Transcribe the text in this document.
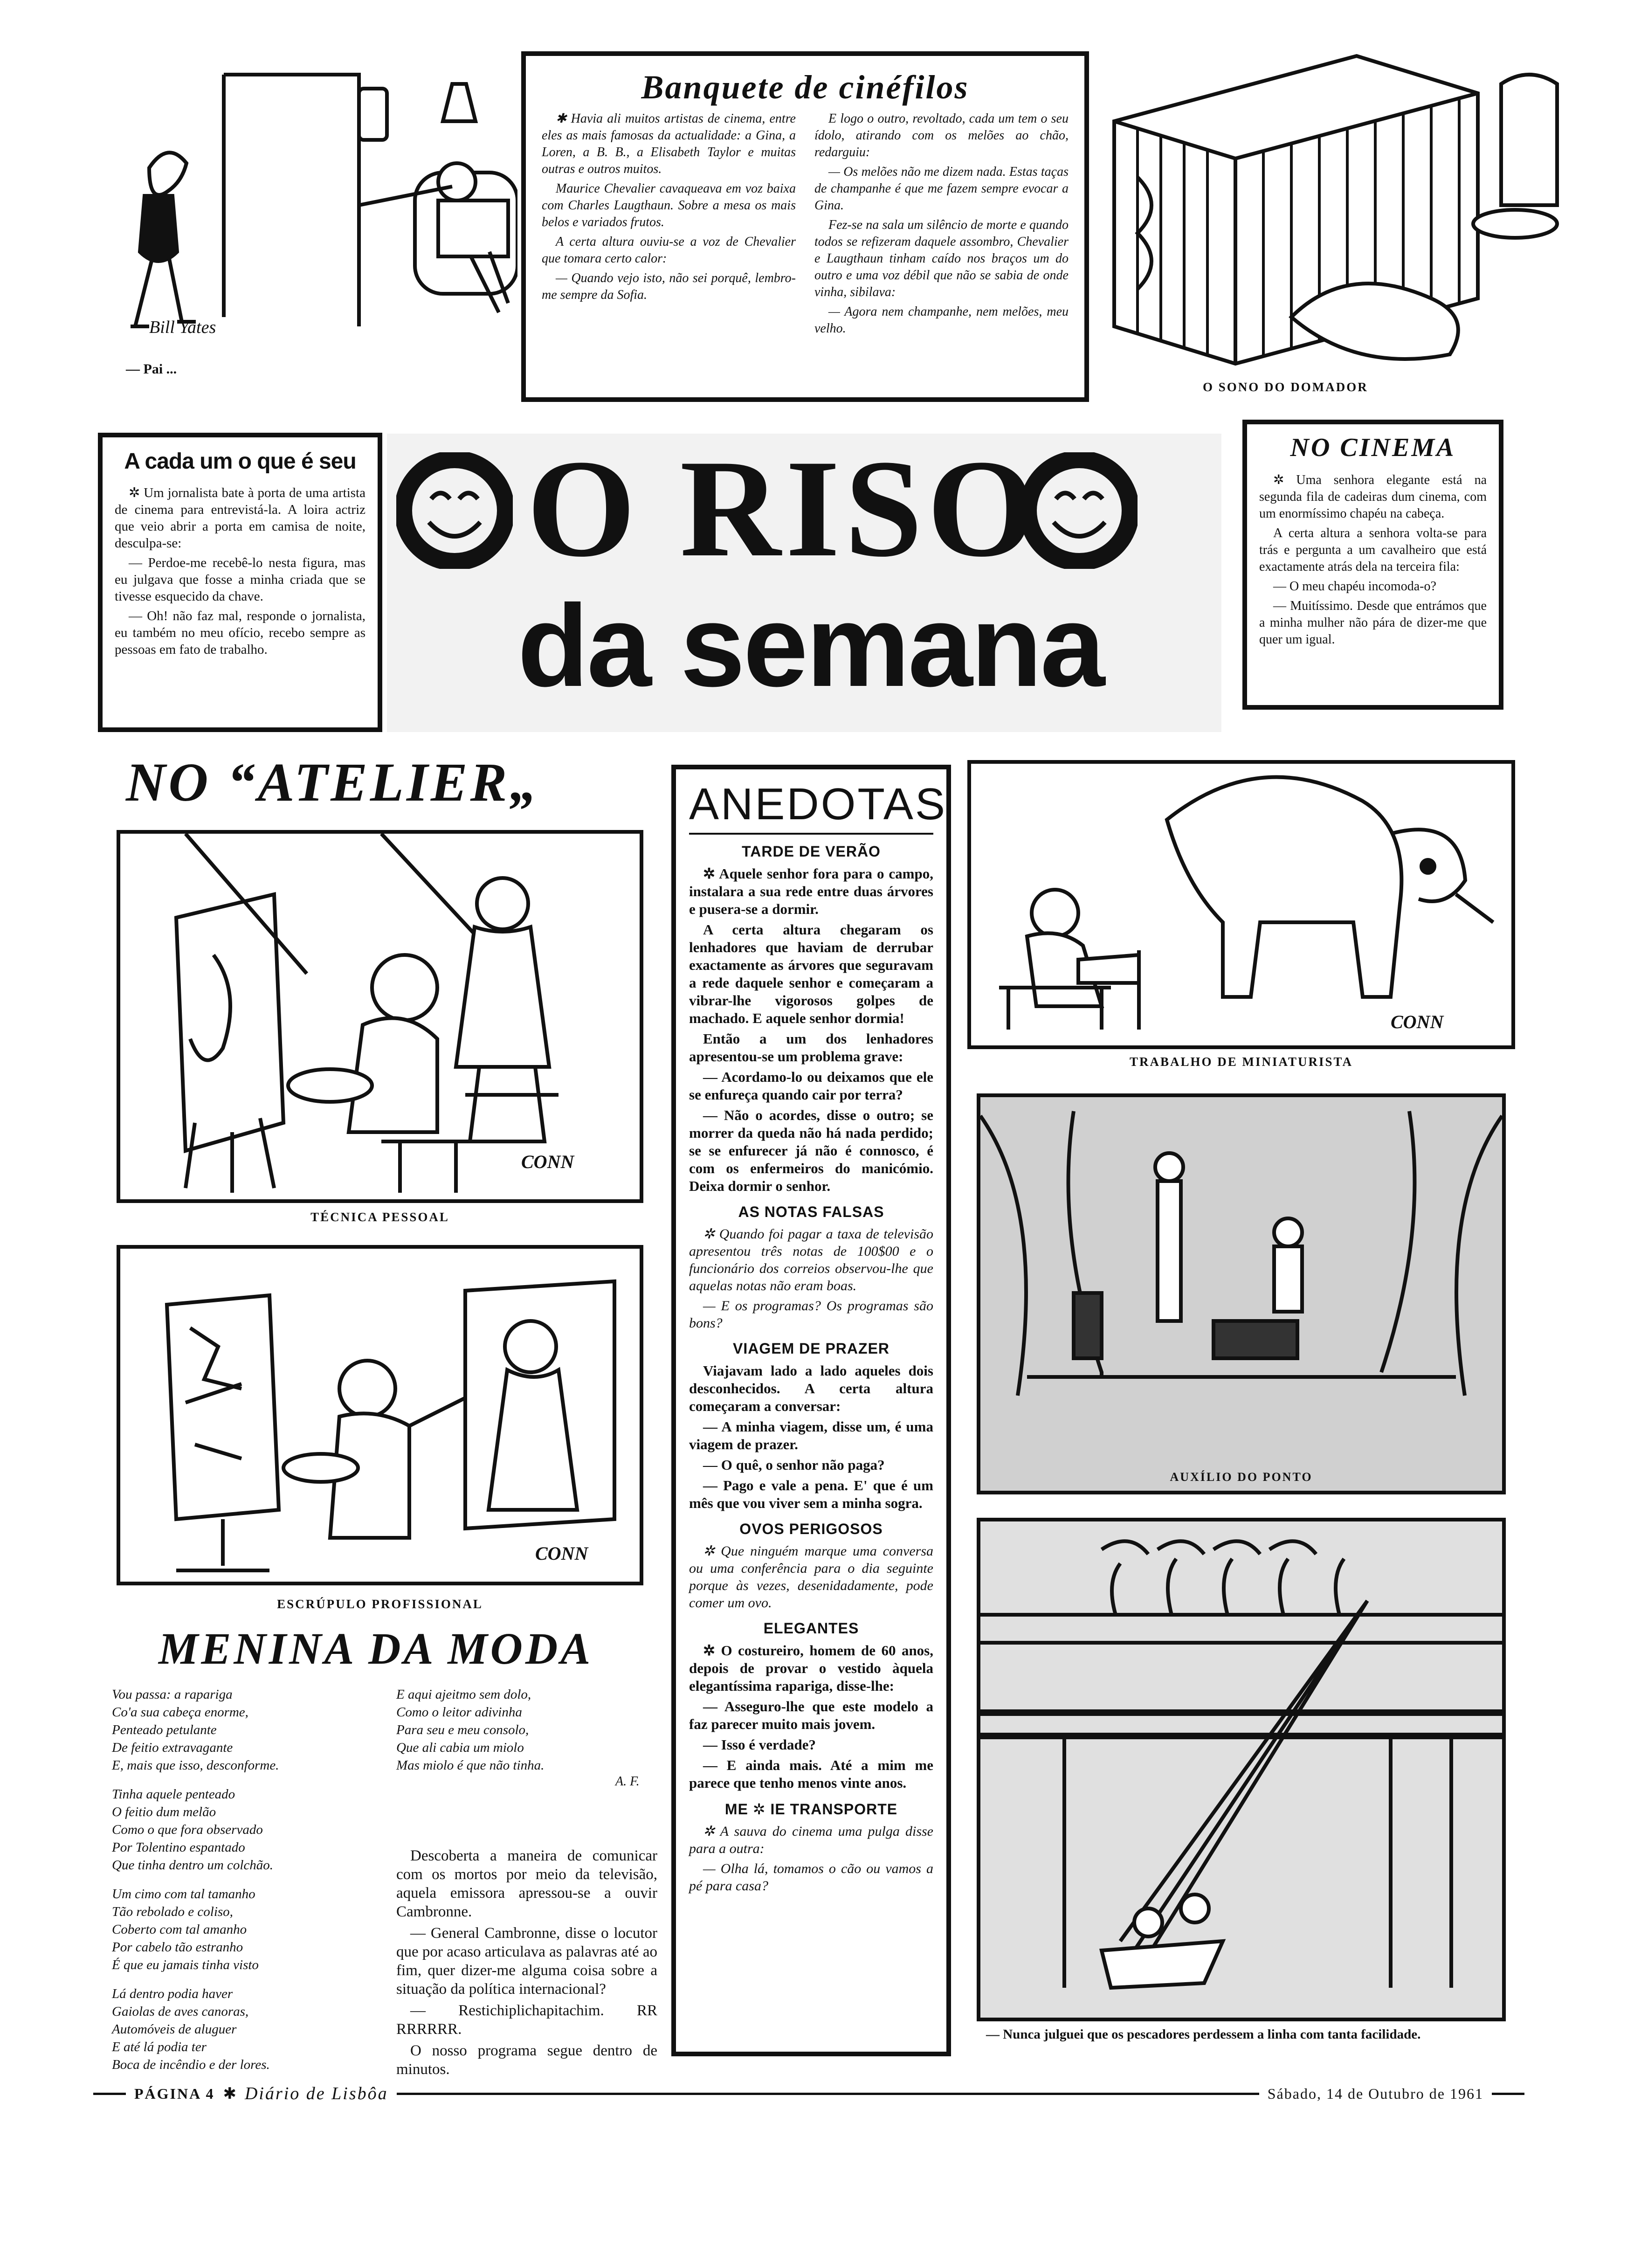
Bill Yates
— Pai ...
Banquete de cinéfilos

✱ Havia ali muitos artistas de cinema, entre eles as mais famosas da actualidade: a Gina, a Loren, a B. B., a Elisabeth Taylor e muitas outras e outros muitos.

Maurice Chevalier cavaqueava em voz baixa com Charles Laugthaun. Sobre a mesa os mais belos e variados frutos.

A certa altura ouviu-se a voz de Chevalier que tomara certo calor:

— Quando vejo isto, não sei porquê, lembro-me sempre da Sofia.

E logo o outro, revoltado, cada um tem o seu ídolo, atirando com os melões ao chão, redarguiu:

— Os melões não me dizem nada. Estas taças de champanhe é que me fazem sempre evocar a Gina.

Fez-se na sala um silêncio de morte e quando todos se refizeram daquele assombro, Chevalier e Laugthaun tinham caído nos braços um do outro e uma voz débil que não se sabia de onde vinha, sibilava:

— Agora nem champanhe, nem melões, meu velho.

O SONO DO DOMADOR
A cada um o que é seu

✲ Um jornalista bate à porta de uma artista de cinema para entrevistá-la. A loira actriz que veio abrir a porta em camisa de noite, desculpa-se:

— Perdoe-me recebê-lo nesta figura, mas eu julgava que fosse a minha criada que se tivesse esquecido da chave.

— Oh! não faz mal, responde o jornalista, eu também no meu ofício, recebo sempre as pessoas em fato de trabalho.

O RISO
da semana
NO CINEMA

✲ Uma senhora elegante está na segunda fila de cadeiras dum cinema, com um enormíssimo chapéu na cabeça.

A certa altura a senhora volta-se para trás e pergunta a um cavalheiro que está exactamente atrás dela na terceira fila:

— O meu chapéu incomoda-o?

— Muitíssimo. Desde que entrámos que a minha mulher não pára de dizer-me que quer um igual.

NO “ATELIER„
CONN
TÉCNICA PESSOAL
CONN
ESCRÚPULO PROFISSIONAL
MENINA DA MODA

Vou passa: a rapariga
Co'a sua cabeça enorme,
Penteado petulante
De feitio extravagante
E, mais que isso, desconforme.

Tinha aquele penteado
O feitio dum melão
Como o que fora observado
Por Tolentino espantado
Que tinha dentro um colchão.

Um cimo com tal tamanho
Tão rebolado e coliso,
Coberto com tal amanho
Por cabelo tão estranho
É que eu jamais tinha visto

Lá dentro podia haver
Gaiolas de aves canoras,
Automóveis de aluguer
E até lá podia ter
Boca de incêndio e der lores.

E aqui ajeitmo sem dolo,
Como o leitor adivinha
Para seu e meu consolo,
Que ali cabia um miolo
Mas miolo é que não tinha.

A. F.

Descoberta a maneira de comunicar com os mortos por meio da televisão, aquela emissora apressou-se a ouvir Cambronne.

— General Cambronne, disse o locutor que por acaso articulava as palavras até ao fim, quer dizer-me alguma coisa sobre a situação da política internacional?

— Restichiplichapitachim. RR RRRRRR.

O nosso programa segue dentro de minutos.

ANEDOTAS
TARDE DE VERÃO

✲ Aquele senhor fora para o campo, instalara a sua rede entre duas árvores e pusera-se a dormir.

A certa altura chegaram os lenhadores que haviam de derrubar exactamente as árvores que seguravam a rede daquele senhor e começaram a vibrar-lhe vigorosos golpes de machado. E aquele senhor dormia!

Então a um dos lenhadores apresentou-se um problema grave:

— Acordamo-lo ou deixamos que ele se enfureça quando cair por terra?

— Não o acordes, disse o outro; se morrer da queda não há nada perdido; se se enfurecer já não é connosco, é com os enfermeiros do manicómio. Deixa dormir o senhor.

AS NOTAS FALSAS

✲ Quando foi pagar a taxa de televisão apresentou três notas de 100$00 e o funcionário dos correios observou-lhe que aquelas notas não eram boas.

— E os programas? Os programas são bons?

VIAGEM DE PRAZER

Viajavam lado a lado aqueles dois desconhecidos. A certa altura começaram a conversar:

— A minha viagem, disse um, é uma viagem de prazer.

— O quê, o senhor não paga?

— Pago e vale a pena. E' que é um mês que vou viver sem a minha sogra.

OVOS PERIGOSOS

✲ Que ninguém marque uma conversa ou uma conferência para o dia seguinte porque às vezes, desenidadamente, pode comer um ovo.

ELEGANTES

✲ O costureiro, homem de 60 anos, depois de provar o vestido àquela elegantíssima rapariga, disse-lhe:

— Asseguro-lhe que este modelo a faz parecer muito mais jovem.

— Isso é verdade?

— E ainda mais. Até a mim me parece que tenho menos vinte anos.

ME ✲ IE TRANSPORTE

✲ A sauva do cinema uma pulga disse para a outra:

— Olha lá, tomamos o cão ou vamos a pé para casa?

CONN
TRABALHO DE MINIATURISTA
AUXÍLIO DO PONTO
— Nunca julguei que os pescadores perdessem a linha com tanta facilidade.
PÁGINA 4 ✱ Diário de Lisbôa	Sábado, 14 de Outubro de 1961
